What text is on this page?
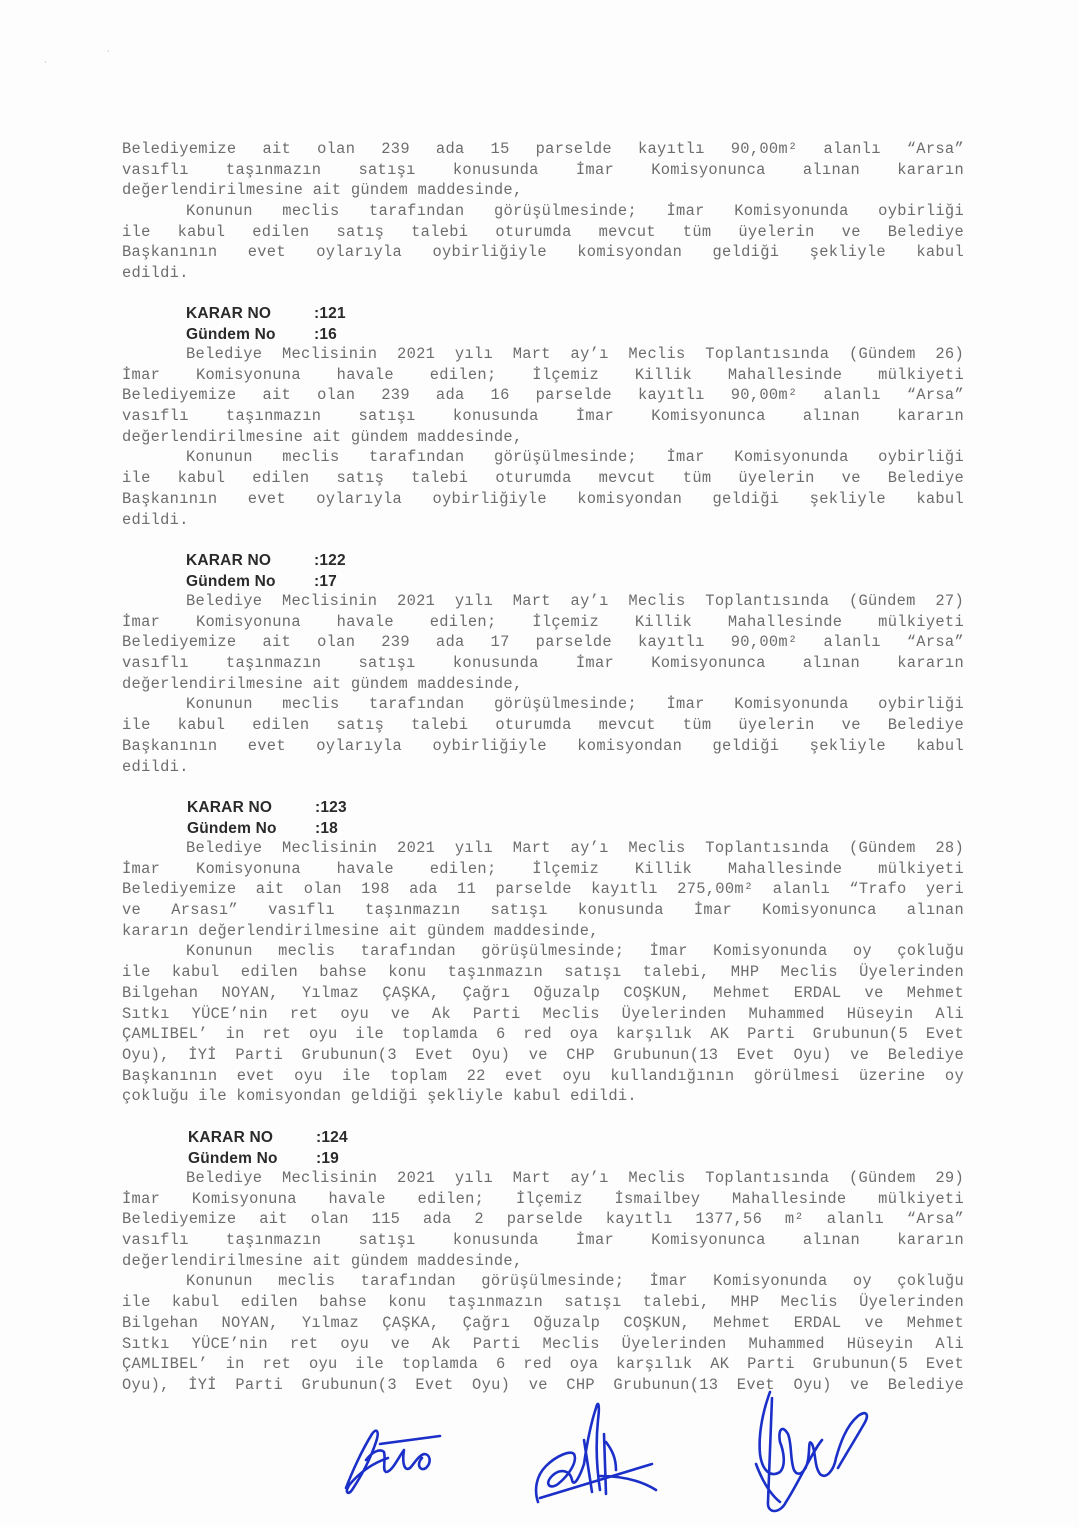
·
·
Belediyemize ait olan 239 ada 15 parselde kayıtlı 90,00m² alanlı “Arsa”
vasıflı taşınmazın satışı konusunda İmar Komisyonunca alınan kararın
değerlendirilmesine ait gündem maddesinde,
Konunun meclis tarafından görüşülmesinde; İmar Komisyonunda oybirliği
ile kabul edilen satış talebi oturumda mevcut tüm üyelerin ve Belediye
Başkanının evet oylarıyla oybirliğiyle komisyondan geldiği şekliyle kabul
edildi.
KARAR NO	:121
Gündem No :16
Belediye Meclisinin 2021 yılı Mart ay’ı Meclis Toplantısında (Gündem 26)
İmar Komisyonuna havale edilen; İlçemiz Killik Mahallesinde mülkiyeti
Belediyemize ait olan 239 ada 16 parselde kayıtlı 90,00m² alanlı “Arsa”
vasıflı taşınmazın satışı konusunda İmar Komisyonunca alınan kararın
değerlendirilmesine ait gündem maddesinde,
Konunun meclis tarafından görüşülmesinde; İmar Komisyonunda oybirliği
ile kabul edilen satış talebi oturumda mevcut tüm üyelerin ve Belediye
Başkanının evet oylarıyla oybirliğiyle komisyondan geldiği şekliyle kabul
edildi.
KARAR NO	:122
Gündem No :17
Belediye Meclisinin 2021 yılı Mart ay’ı Meclis Toplantısında (Gündem 27)
İmar Komisyonuna havale edilen; İlçemiz Killik Mahallesinde mülkiyeti
Belediyemize ait olan 239 ada 17 parselde kayıtlı 90,00m² alanlı “Arsa”
vasıflı taşınmazın satışı konusunda İmar Komisyonunca alınan kararın
değerlendirilmesine ait gündem maddesinde,
Konunun meclis tarafından görüşülmesinde; İmar Komisyonunda oybirliği
ile kabul edilen satış talebi oturumda mevcut tüm üyelerin ve Belediye
Başkanının evet oylarıyla oybirliğiyle komisyondan geldiği şekliyle kabul
edildi.
KARAR NO	:123
Gündem No :18
Belediye Meclisinin 2021 yılı Mart ay’ı Meclis Toplantısında (Gündem 28)
İmar Komisyonuna havale edilen; İlçemiz Killik Mahallesinde mülkiyeti
Belediyemize ait olan 198 ada 11 parselde kayıtlı 275,00m² alanlı “Trafo yeri
ve Arsası” vasıflı taşınmazın satışı konusunda İmar Komisyonunca alınan
kararın değerlendirilmesine ait gündem maddesinde,
Konunun meclis tarafından görüşülmesinde; İmar Komisyonunda oy çokluğu
ile kabul edilen bahse konu taşınmazın satışı talebi, MHP Meclis Üyelerinden
Bilgehan NOYAN, Yılmaz ÇAŞKA, Çağrı Oğuzalp COŞKUN, Mehmet ERDAL ve Mehmet
Sıtkı YÜCE’nin ret oyu ve Ak Parti Meclis Üyelerinden Muhammed Hüseyin Ali
ÇAMLIBEL’ in ret oyu ile toplamda 6 red oya karşılık AK Parti Grubunun(5 Evet
Oyu), İYİ Parti Grubunun(3 Evet Oyu) ve CHP Grubunun(13 Evet Oyu) ve Belediye
Başkanının evet oyu ile toplam 22 evet oyu kullandığının görülmesi üzerine oy
çokluğu ile komisyondan geldiği şekliyle kabul edildi.
KARAR NO	:124
Gündem No :19
Belediye Meclisinin 2021 yılı Mart ay’ı Meclis Toplantısında (Gündem 29)
İmar Komisyonuna havale edilen; İlçemiz İsmailbey Mahallesinde mülkiyeti
Belediyemize ait olan 115 ada 2 parselde kayıtlı 1377,56 m² alanlı “Arsa”
vasıflı taşınmazın satışı konusunda İmar Komisyonunca alınan kararın
değerlendirilmesine ait gündem maddesinde,
Konunun meclis tarafından görüşülmesinde; İmar Komisyonunda oy çokluğu
ile kabul edilen bahse konu taşınmazın satışı talebi, MHP Meclis Üyelerinden
Bilgehan NOYAN, Yılmaz ÇAŞKA, Çağrı Oğuzalp COŞKUN, Mehmet ERDAL ve Mehmet
Sıtkı YÜCE’nin ret oyu ve Ak Parti Meclis Üyelerinden Muhammed Hüseyin Ali
ÇAMLIBEL’ in ret oyu ile toplamda 6 red oya karşılık AK Parti Grubunun(5 Evet
Oyu), İYİ Parti Grubunun(3 Evet Oyu) ve CHP Grubunun(13 Evet Oyu) ve Belediye
